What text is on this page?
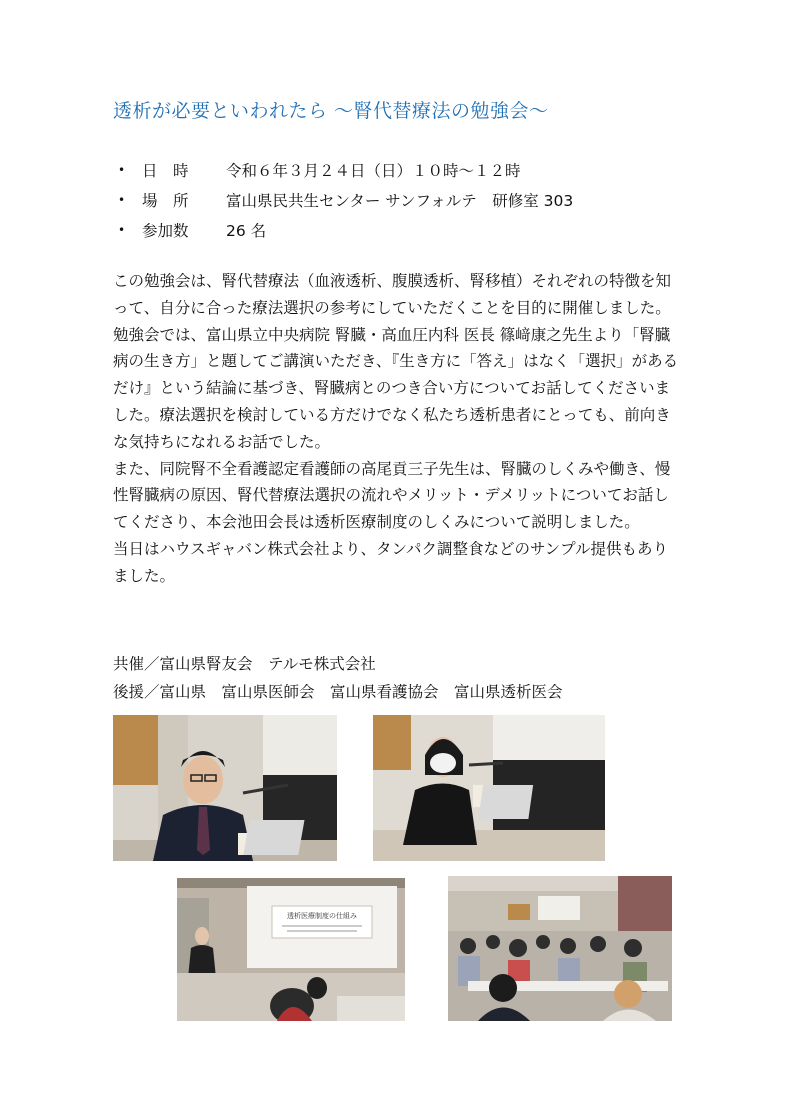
透析が必要といわれたら ～腎代替療法の勉強会～
•	日　時	令和６年３月２４日（日）１０時～１２時
•	場　所	富山県民共生センター サンフォルテ　研修室 303
•	参加数	26 名

この勉強会は、腎代替療法（血液透析、腹膜透析、腎移植）それぞれの特徴を知って、自分に合った療法選択の参考にしていただくことを目的に開催しました。

勉強会では、富山県立中央病院 腎臓・高血圧内科 医長 篠﨑康之先生より「腎臓病の生き方」と題してご講演いただき、『生き方に「答え」はなく「選択」があるだけ』という結論に基づき、腎臓病とのつき合い方についてお話してくださいました。療法選択を検討している方だけでなく私たち透析患者にとっても、前向きな気持ちになれるお話でした。

また、同院腎不全看護認定看護師の高尾貢三子先生は、腎臓のしくみや働き、慢性腎臓病の原因、腎代替療法選択の流れやメリット・デメリットについてお話してくださり、本会池田会長は透析医療制度のしくみについて説明しました。

当日はハウスギャバン株式会社より、タンパク調整食などのサンプル提供もありました。

共催／富山県腎友会　テルモ株式会社
後援／富山県　富山県医師会　富山県看護協会　富山県透析医会
透析医療制度の仕組み
